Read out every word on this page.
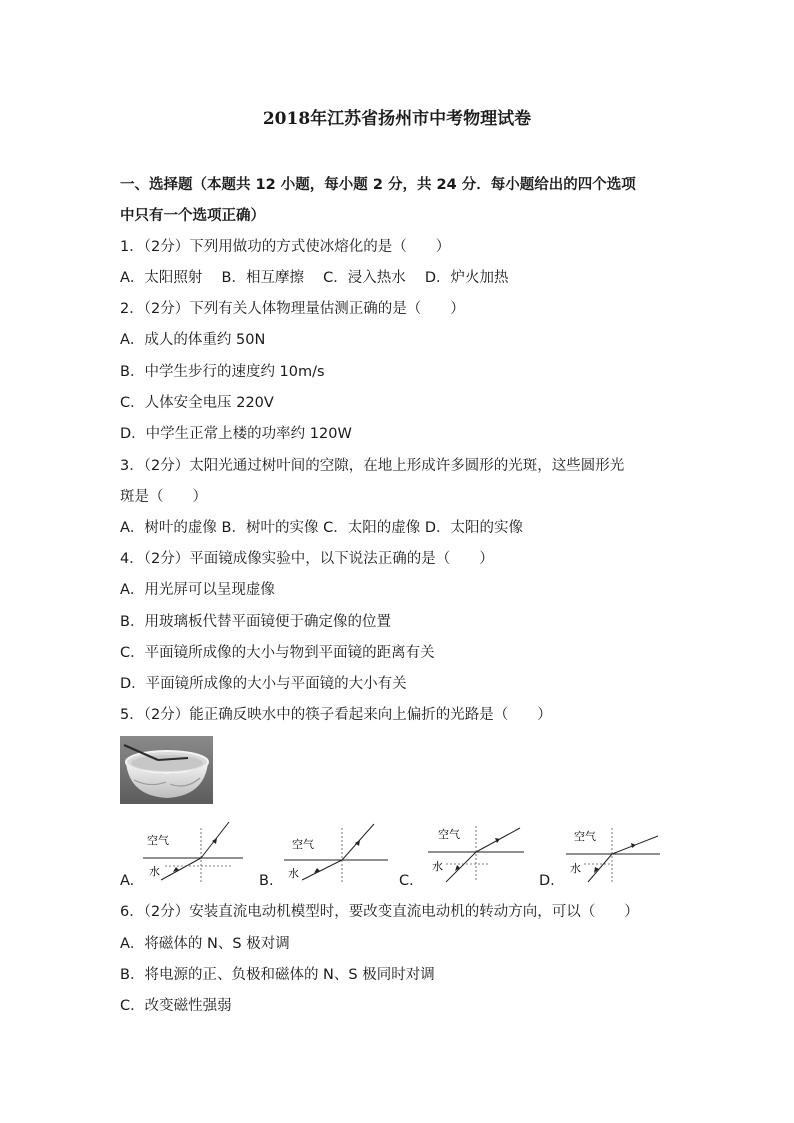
2018年江苏省扬州市中考物理试卷
一、选择题（本题共 12 小题，每小题 2 分，共 24 分．每小题给出的四个选项
中只有一个选项正确）
1．（2分）下列用做功的方式使冰熔化的是（　　）
A．太阳照射　 B．相互摩擦　 C．浸入热水　 D．炉火加热
2．（2分）下列有关人体物理量估测正确的是（　　）
A．成人的体重约 50N
B．中学生步行的速度约 10m/s
C．人体安全电压 220V
D．中学生正常上楼的功率约 120W
3．（2分）太阳光通过树叶间的空隙，在地上形成许多圆形的光斑，这些圆形光
斑是（　　）
A．树叶的虚像 B．树叶的实像 C．太阳的虚像 D．太阳的实像
4．（2分）平面镜成像实验中，以下说法正确的是（　　）
A．用光屏可以呈现虚像
B．用玻璃板代替平面镜便于确定像的位置
C．平面镜所成像的大小与物到平面镜的距离有关
D．平面镜所成像的大小与平面镜的大小有关
5．（2分）能正确反映水中的筷子看起来向上偏折的光路是（　　）
空气
水
A.
空气
水
B.
空气
水
C.
空气
水
D.
6．（2分）安装直流电动机模型时，要改变直流电动机的转动方向，可以（　　）
A．将磁体的 N、S 极对调
B．将电源的正、负极和磁体的 N、S 极同时对调
C．改变磁性强弱
